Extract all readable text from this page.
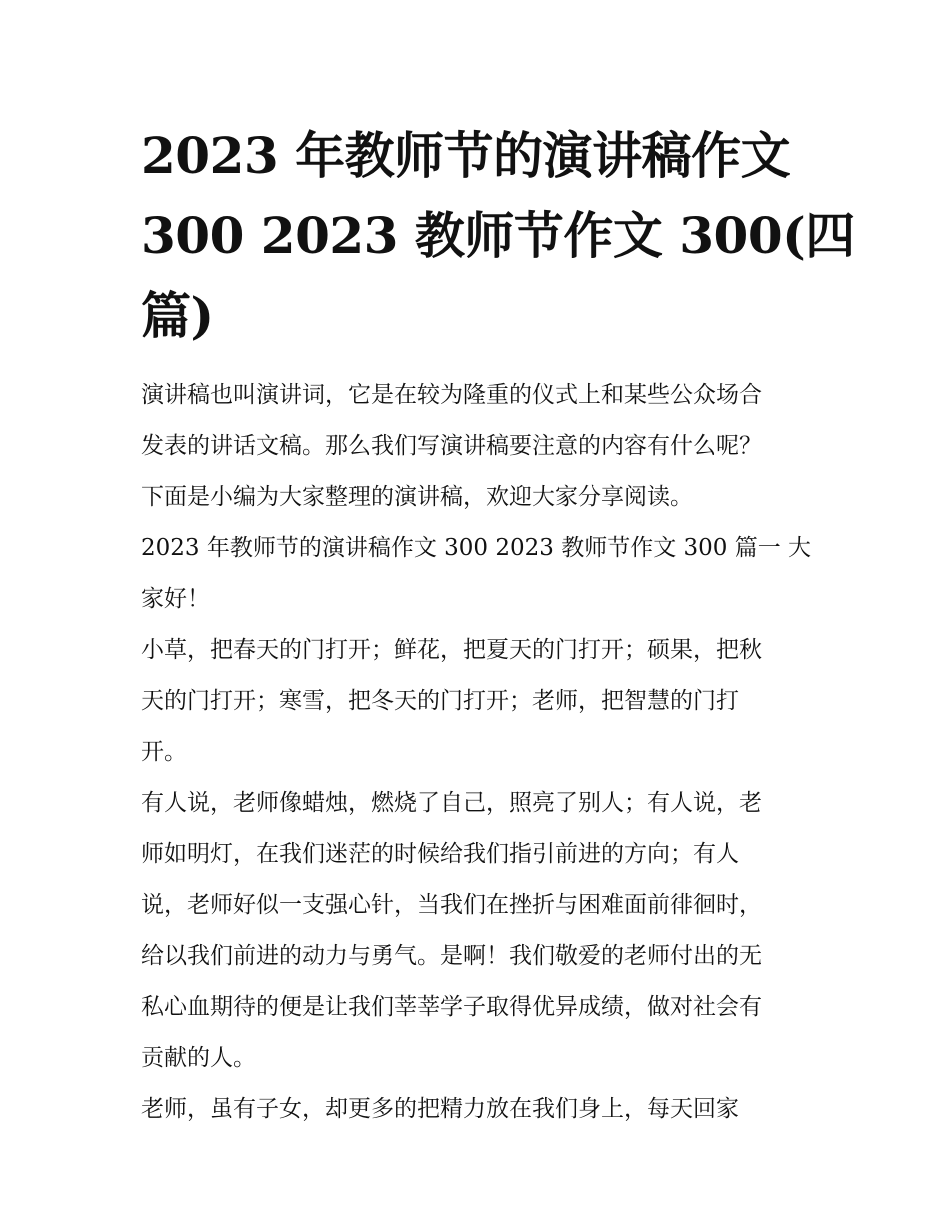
2023 年教师节的演讲稿作文
300 2023 教师节作文 300(四
篇)

演讲稿也叫演讲词，它是在较为隆重的仪式上和某些公众场合
发表的讲话文稿。那么我们写演讲稿要注意的内容有什么呢？
下面是小编为大家整理的演讲稿，欢迎大家分享阅读。

2023 年教师节的演讲稿作文 300 2023 教师节作文 300 篇一 大
家好！

小草，把春天的门打开；鲜花，把夏天的门打开；硕果，把秋
天的门打开；寒雪，把冬天的门打开；老师，把智慧的门打
开。

有人说，老师像蜡烛，燃烧了自己，照亮了别人；有人说，老
师如明灯，在我们迷茫的时候给我们指引前进的方向；有人
说，老师好似一支强心针，当我们在挫折与困难面前徘徊时，
给以我们前进的动力与勇气。是啊！我们敬爱的老师付出的无
私心血期待的便是让我们莘莘学子取得优异成绩，做对社会有
贡献的人。

老师，虽有子女，却更多的把精力放在我们身上，每天回家
